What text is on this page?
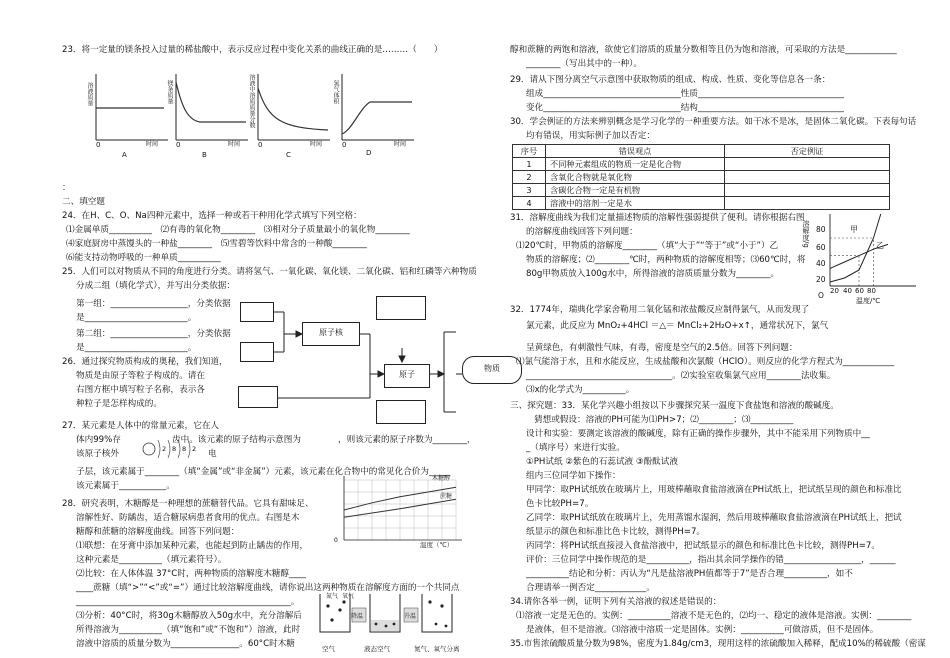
23．将一定量的镁条投入过量的稀盐酸中，表示反应过程中变化关系的曲线正确的是………（　　）
溶液质量
0	时间
A
镁条质量
0	时间
B
溶液中溶质质量分数
0	时间
C
氢气体积
0	时间
D
：
二、填空题
24．在H、C、O、Na四种元素中，选择一种或若干种用化学式填写下列空格：
⑴金属单质__________　⑵有毒的氧化物________　⑶相对分子质量最小的氧化物________
⑷家庭厨房中蒸馒头的一种盐________　⑸雪碧等饮料中常含的一种酸________
⑹能支持动物呼吸的一种单质__________
25．人们可以对物质从不同的角度进行分类。请将氢气、一氧化碳、氧化镁、二氧化碳、铝和红磷等六种物质
分成二组（填化学式），并写出分类依据：
第一组：__________________，分类依据
是________________________。
第二组：__________________，分类依据
是________________________。
26．通过探究物质构成的奥秘，我们知道，
物质是由原子等粒子构成的。请在
右图方框中填写粒子名称，表示各
种粒子是怎样构成的。
原子核
原子
物质
27．某元素是人体中的常量元素，它在人
体内99%存	齿中。该元素的原子结构示意图为	，则该元素的原子序数为________，
该原子核外	电
2 8 8 2
子层，该元素属于________（填“金属”或“非金属”）元素，该元素在化合物中的常见化合价为_____
该元素属于___________。
28．研究表明，木糖醇是一种理想的蔗糖替代品。它具有甜味足、
溶解性好、防龋齿，适合糖尿病患者食用的优点。右图是木
糖醇和蔗糖的溶解度曲线。回答下列问题：
⑴联想：在牙膏中添加某种元素，也能起到防止龋齿的作用，
这种元素是__________（填元素符号）。
⑵比较：在人体体温 37°C时，两种物质的溶解度木糖醇____
____蔗糖（填“>”“<”或“=”）通过比较溶解度曲线，请你说出这两种物质在溶解度方面的一个共同点
__________________________________________________。
⑶分析：40°C时，将30g木糖醇放入50g水中，充分溶解后
所得溶液为__________（填“饱和”或“不饱和”）溶液，此时
溶液中溶质的质量分数为________________。60°C时木糖
木糖醇
蔗糖
0
温度（℃）
氮气 氧气
降温	升温
空气	液态空气	氮气、氧气分离
醇和蔗糖的两饱和溶液，欲使它们溶质的质量分数相等且仍为饱和溶液，可采取的方法是____________
________（写出其中的一种）。
29．请从下图分离空气示意图中获取物质的组成、构成、性质、变化等信息各一条：
组成________________________________性质__________________________________
变化________________________________结构__________________________________
30．学会例证的方法来辨别概念是学习化学的一种重要方法。如干冰不是冰，是固体二氧化碳。下表每句话
均有错误，用实际例子加以否定：
序号	错误观点	否定例证
1	不同种元素组成的物质一定是化合物	
2	含氧化合物就是氧化物	
3	含碳化合物一定是有机物	
4	溶液中的溶剂一定是水	
31．溶解度曲线为我们定量描述物质的溶解性强弱提供了便利。请你根据右图
的溶解度曲线回答下列问题：
⑴20℃时，甲物质的溶解度________（填“大于”“等于”或“小于”）乙
物质的溶解度；⑵________℃时，两种物质的溶解度相等；⑶60℃时，将
80g甲物质放入100g水中，所得溶液的溶质质量分数为________。
溶解度/g 80
60
40
20
O
甲
乙
20 40 60 80
温度/℃
32．1774年，瑞典化学家舍勒用二氧化锰和浓盐酸反应制得氯气，从而发现了
氯元素，此反应为 MnO₂+4HCl ＝△＝ MnCl₂+2H₂O+x↑，通常状况下，氯气
呈黄绿色，有刺激性气味，有毒，密度是空气的2.5倍。回答下列问题：
⑴氯气能溶于水，且和水能反应，生成盐酸和次氯酸（HClO）。则反应的化学方程式为____________
__________________________________。⑵实验室收集氯气应用________法收集。
⑶x的化学式为__________。
三、探究题：33．某化学兴趣小组按以下步骤探究某一温度下食盐饱和溶液的酸碱度。
猜想或假设：溶液的PH可能为⑴PH>7；⑵________；⑶__________
设计和实验：要测定该溶液的酸碱度，除有正确的操作步骤外，其中不能采用下列物质中__
_（填序号）来进行实验。
①PH试纸 ②紫色的石蕊试液 ③酚酞试液
组内三位同学如下操作：
甲同学：取PH试纸放在玻璃片上，用玻棒蘸取食盐溶液滴在PH试纸上，把试纸呈现的颜色和标准比
色卡比较PH=7。
乙同学：取PH试纸放在玻璃片上，先用蒸馏水湿润，然后用玻棒蘸取食盐溶液滴在PH试纸上，把试
纸显示的颜色和标准比色卡比较，测得PH=7。
丙同学：将PH试纸直接浸入食盐溶液中，把试纸显示的颜色和标准比色卡比较，测得PH=7。
评价：三位同学中操作规范的是__________，指出其余同学操作的错__________________，______
__________结论和分析：丙认为“凡是盐溶液PH值都等于7”是否合理__________，如不
合理请举一例否定____________。
34.请你各举一例，证明下列有关溶液的叙述是错误的：
⑴溶液一定是无色的。实例：__________溶液不是无色的，⑵均一、稳定的液体是溶液。实例：________
是液体，但不是溶液。⑶溶液中溶质一定是固体。实例：__________可做溶质，但不是固体。
35.市售浓硫酸质量分数为98%，密度为1.84g/cm3，现用这样的浓硫酸加入稀释，配成10%的稀硫酸（密谋
